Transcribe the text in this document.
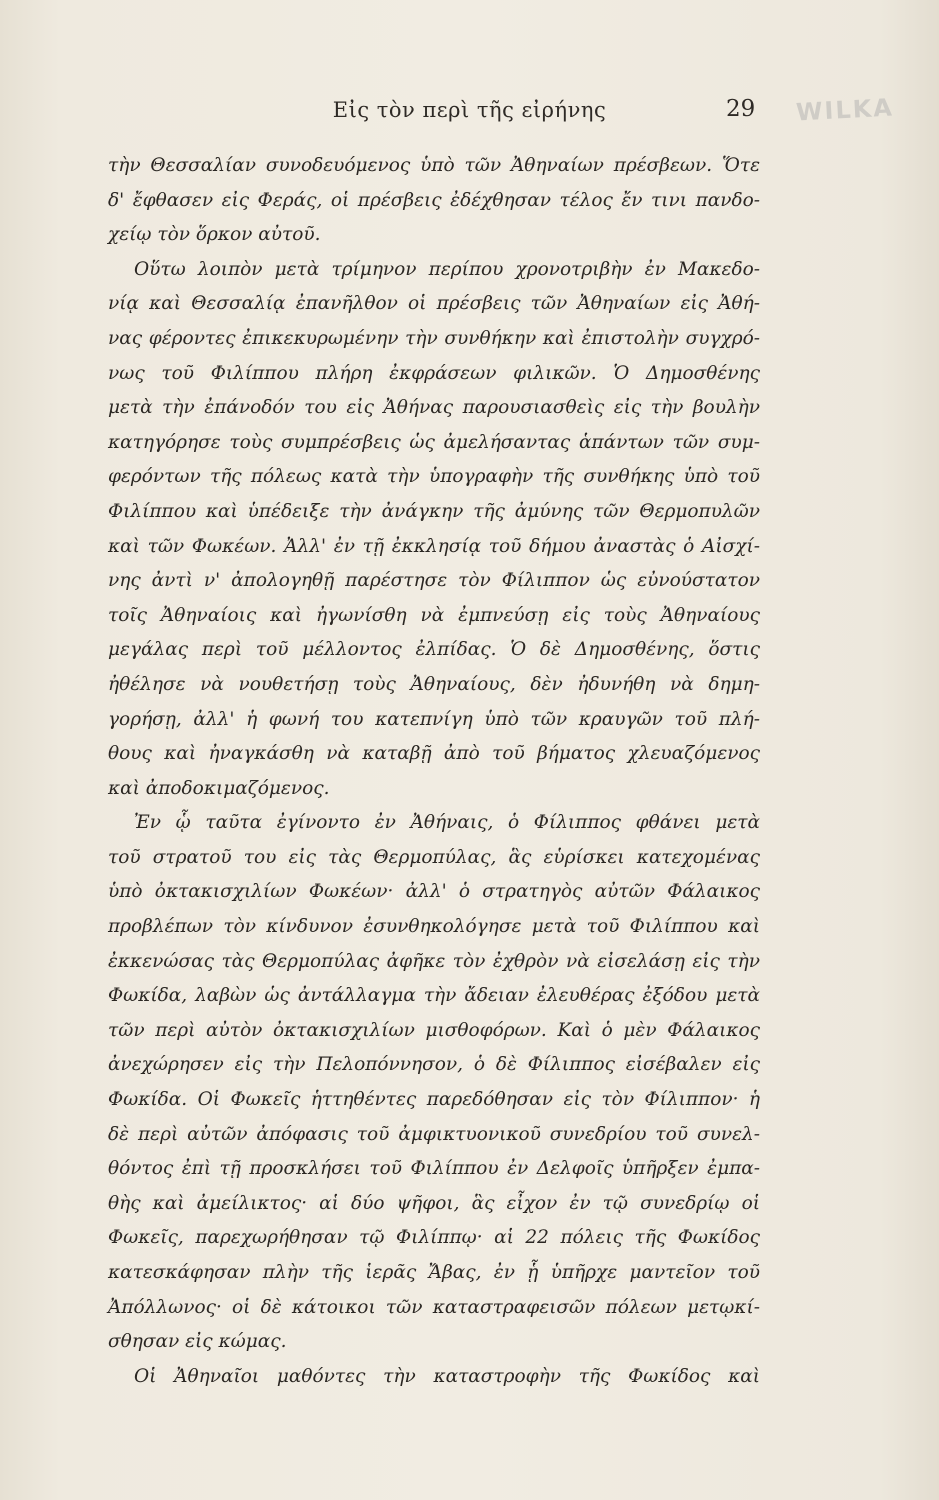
Εἰς τὸν περὶ τῆς εἰρήνης	29 WILKA
τὴν Θεσσαλίαν συνοδευόμενος ὑπὸ τῶν Ἀθηναίων πρέσβεων. Ὅτε
δ' ἔφθασεν εἰς Φεράς, οἱ πρέσβεις ἐδέχθησαν τέλος ἔν τινι πανδο-
χείῳ τὸν ὅρκον αὐτοῦ.
Οὕτω λοιπὸν μετὰ τρίμηνον περίπου χρονοτριβὴν ἐν Μακεδο-
νίᾳ καὶ Θεσσαλίᾳ ἐπανῆλθον οἱ πρέσβεις τῶν Ἀθηναίων εἰς Ἀθή-
νας φέροντες ἐπικεκυρωμένην τὴν συνθήκην καὶ ἐπιστολὴν συγχρό-
νως τοῦ Φιλίππου πλήρη ἐκφράσεων φιλικῶν. Ὁ Δημοσθένης
μετὰ τὴν ἐπάνοδόν του εἰς Ἀθήνας παρουσιασθεὶς εἰς τὴν βουλὴν
κατηγόρησε τοὺς συμπρέσβεις ὡς ἀμελήσαντας ἁπάντων τῶν συμ-
φερόντων τῆς πόλεως κατὰ τὴν ὑπογραφὴν τῆς συνθήκης ὑπὸ τοῦ
Φιλίππου καὶ ὑπέδειξε τὴν ἀνάγκην τῆς ἀμύνης τῶν Θερμοπυλῶν
καὶ τῶν Φωκέων. Ἀλλ' ἐν τῇ ἐκκλησίᾳ τοῦ δήμου ἀναστὰς ὁ Αἰσχί-
νης ἀντὶ ν' ἀπολογηθῇ παρέστησε τὸν Φίλιππον ὡς εὐνούστατον
τοῖς Ἀθηναίοις καὶ ἠγωνίσθη νὰ ἐμπνεύσῃ εἰς τοὺς Ἀθηναίους
μεγάλας περὶ τοῦ μέλλοντος ἐλπίδας. Ὁ δὲ Δημοσθένης, ὅστις
ἠθέλησε νὰ νουθετήσῃ τοὺς Ἀθηναίους, δὲν ἠδυνήθη νὰ δημη-
γορήσῃ, ἀλλ' ἡ φωνή του κατεπνίγη ὑπὸ τῶν κραυγῶν τοῦ πλή-
θους καὶ ἠναγκάσθη νὰ καταβῇ ἀπὸ τοῦ βήματος χλευαζόμενος
καὶ ἀποδοκιμαζόμενος.
Ἐν ᾧ ταῦτα ἐγίνοντο ἐν Ἀθήναις, ὁ Φίλιππος φθάνει μετὰ
τοῦ στρατοῦ του εἰς τὰς Θερμοπύλας, ἃς εὑρίσκει κατεχομένας
ὑπὸ ὀκτακισχιλίων Φωκέων· ἀλλ' ὁ στρατηγὸς αὐτῶν Φάλαικος
προβλέπων τὸν κίνδυνον ἐσυνθηκολόγησε μετὰ τοῦ Φιλίππου καὶ
ἐκκενώσας τὰς Θερμοπύλας ἀφῆκε τὸν ἐχθρὸν νὰ εἰσελάσῃ εἰς τὴν
Φωκίδα, λαβὼν ὡς ἀντάλλαγμα τὴν ἄδειαν ἐλευθέρας ἐξόδου μετὰ
τῶν περὶ αὐτὸν ὀκτακισχιλίων μισθοφόρων. Καὶ ὁ μὲν Φάλαικος
ἀνεχώρησεν εἰς τὴν Πελοπόννησον, ὁ δὲ Φίλιππος εἰσέβαλεν εἰς
Φωκίδα. Οἱ Φωκεῖς ἡττηθέντες παρεδόθησαν εἰς τὸν Φίλιππον· ἡ
δὲ περὶ αὐτῶν ἀπόφασις τοῦ ἀμφικτυονικοῦ συνεδρίου τοῦ συνελ-
θόντος ἐπὶ τῇ προσκλήσει τοῦ Φιλίππου ἐν Δελφοῖς ὑπῆρξεν ἐμπα-
θὴς καὶ ἀμείλικτος· αἱ δύο ψῆφοι, ἃς εἶχον ἐν τῷ συνεδρίῳ οἱ
Φωκεῖς, παρεχωρήθησαν τῷ Φιλίππῳ· αἱ 22 πόλεις τῆς Φωκίδος
κατεσκάφησαν πλὴν τῆς ἱερᾶς Ἄβας, ἐν ᾗ ὑπῆρχε μαντεῖον τοῦ
Ἀπόλλωνος· οἱ δὲ κάτοικοι τῶν καταστραφεισῶν πόλεων μετῳκί-
σθησαν εἰς κώμας.
Οἱ Ἀθηναῖοι μαθόντες τὴν καταστροφὴν τῆς Φωκίδος καὶ
